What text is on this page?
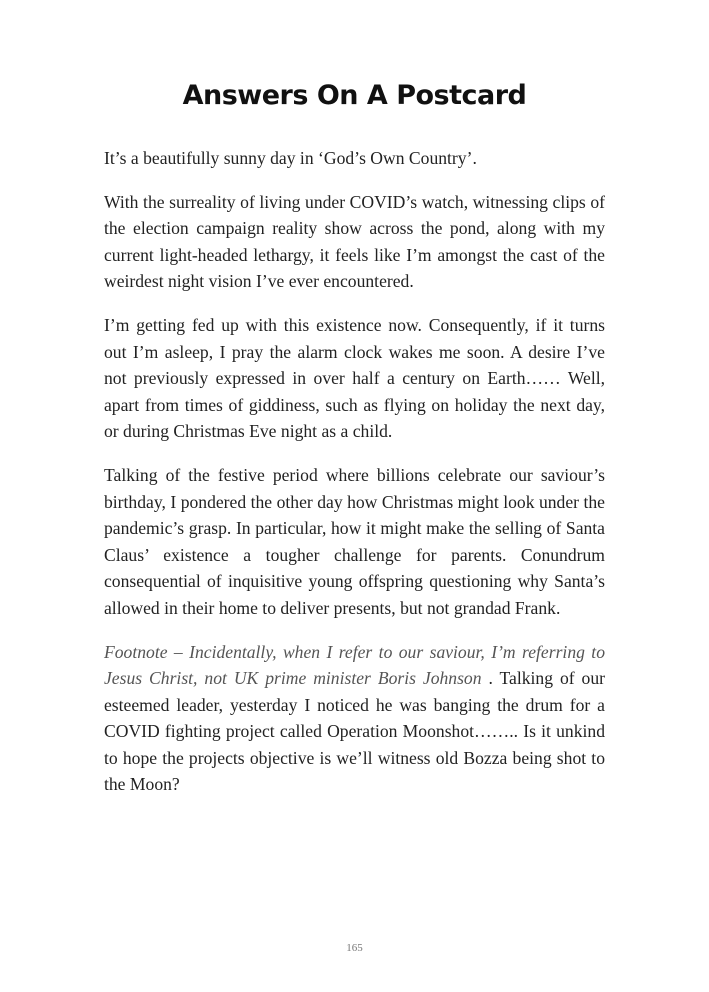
Answers On A Postcard

It’s a beautifully sunny day in ‘God’s Own Country’.

With the surreality of living under COVID’s watch, witnessing clips of the election campaign reality show across the pond, along with my current light-headed lethargy, it feels like I’m amongst the cast of the weirdest night vision I’ve ever encountered.

I’m getting fed up with this existence now. Consequently, if it turns out I’m asleep, I pray the alarm clock wakes me soon. A desire I’ve not previously expressed in over half a century on Earth…… Well, apart from times of giddiness, such as flying on holiday the next day, or during Christmas Eve night as a child.

Talking of the festive period where billions celebrate our saviour’s birthday, I pondered the other day how Christmas might look under the pandemic’s grasp. In particular, how it might make the selling of Santa Claus’ existence a tougher challenge for parents. Conundrum consequential of inquisitive young offspring questioning why Santa’s allowed in their home to deliver presents, but not grandad Frank.

Footnote – Incidentally, when I refer to our saviour, I’m referring to Jesus Christ, not UK prime minister Boris Johnson . Talking of our esteemed leader, yesterday I noticed he was banging the drum for a COVID fighting project called Operation Moonshot…….. Is it unkind to hope the projects objective is we’ll witness old Bozza being shot to the Moon?

165
